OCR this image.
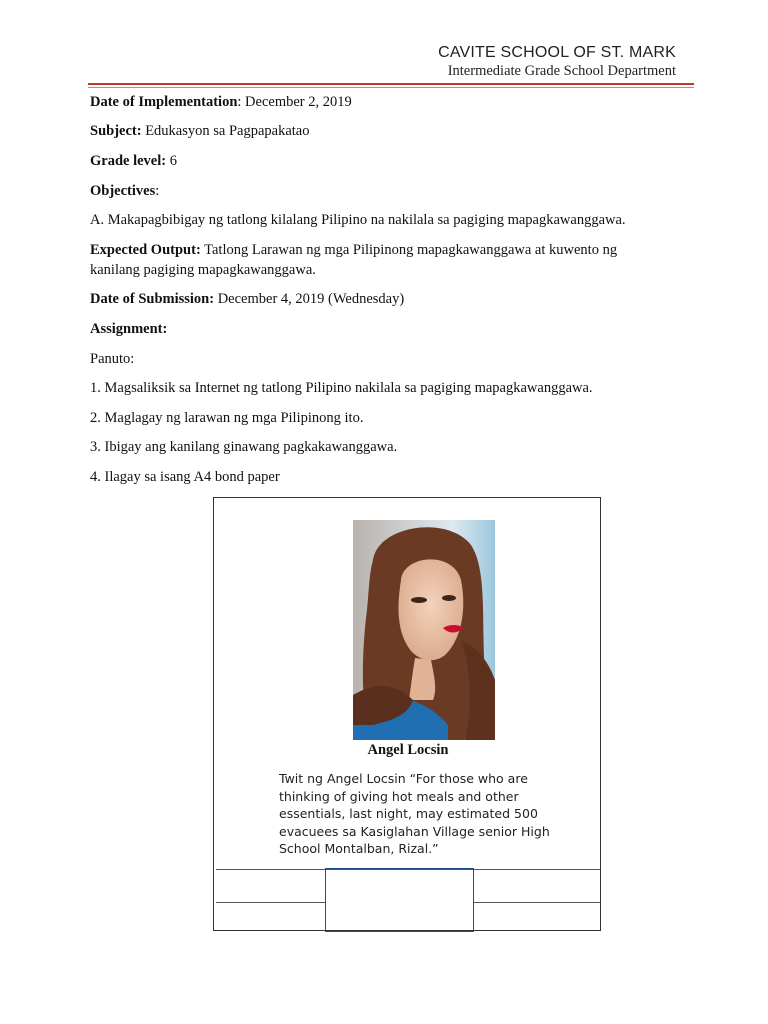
CAVITE SCHOOL OF ST. MARK
Intermediate Grade School Department
Date of Implementation: December 2, 2019
Subject: Edukasyon sa Pagpapakatao
Grade level: 6
Objectives:
A. Makapagbibigay ng tatlong kilalang Pilipino na nakilala sa pagiging mapagkawanggawa.
Expected Output: Tatlong Larawan ng mga Pilipinong mapagkawanggawa at kuwento ng
kanilang pagiging mapagkawanggawa.
Date of Submission: December 4, 2019 (Wednesday)
Assignment:
Panuto:
1. Magsaliksik sa Internet ng tatlong Pilipino nakilala sa pagiging mapagkawanggawa.
2. Maglagay ng larawan ng mga Pilipinong ito.
3. Ibigay ang kanilang ginawang pagkakawanggawa.
4. Ilagay sa isang A4 bond paper
Angel Locsin
Twit ng Angel Locsin “For those who are thinking of giving hot meals and other essentials, last night, may estimated 500 evacuees sa Kasiglahan Village senior High School Montalban, Rizal.”
